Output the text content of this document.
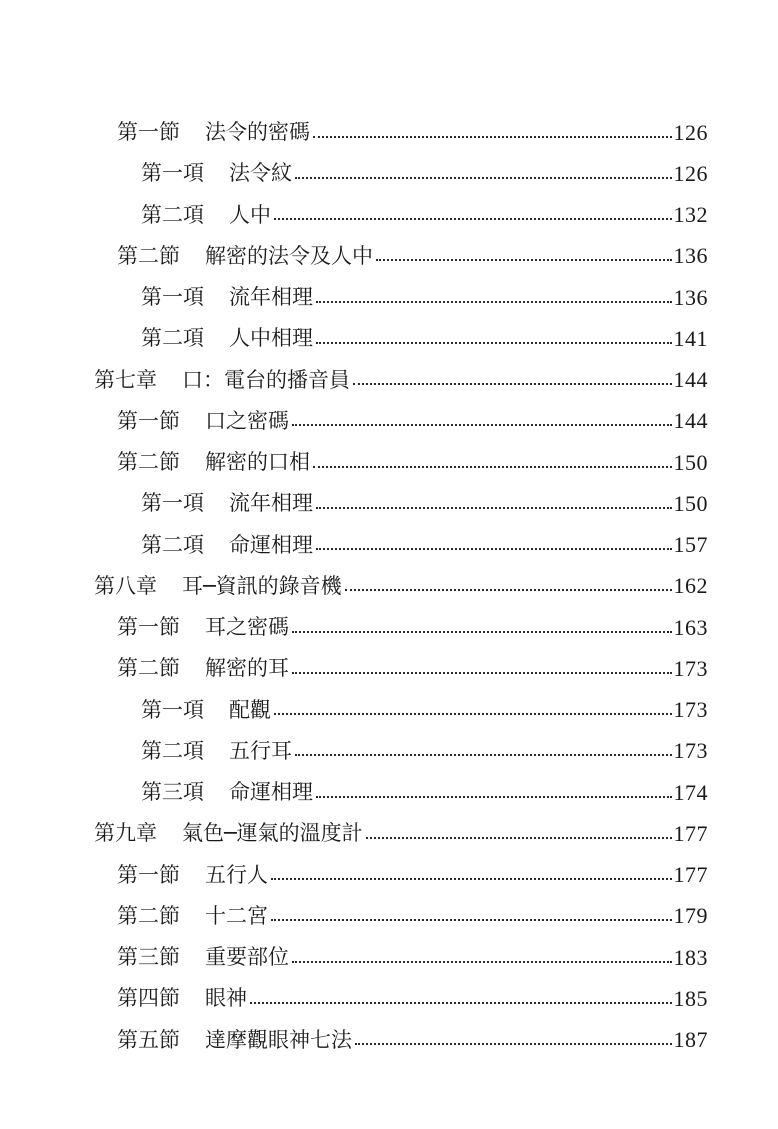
第一節 法令的密碼	126
第一項 法令紋	126
第二項 人中	132
第二節 解密的法令及人中	136
第一項 流年相理	136
第二項 人中相理	141
第七章 口：電台的播音員	144
第一節 口之密碼	144
第二節 解密的口相	150
第一項 流年相理	150
第二項 命運相理	157
第八章 耳─資訊的錄音機	162
第一節 耳之密碼	163
第二節 解密的耳	173
第一項 配觀	173
第二項 五行耳	173
第三項 命運相理	174
第九章 氣色─運氣的溫度計	177
第一節 五行人	177
第二節 十二宮	179
第三節 重要部位	183
第四節 眼神	185
第五節 達摩觀眼神七法	187
